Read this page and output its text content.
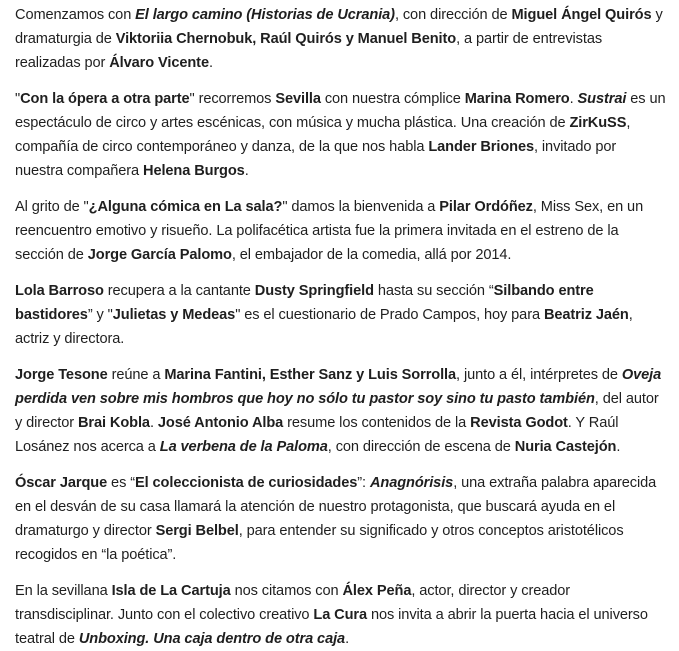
Comenzamos con El largo camino (Historias de Ucrania), con dirección de Miguel Ángel Quirós y dramaturgia de Viktoriia Chernobuk, Raúl Quirós y Manuel Benito, a partir de entrevistas realizadas por Álvaro Vicente.

"Con la ópera a otra parte" recorremos Sevilla con nuestra cómplice Marina Romero. Sustrai es un espectáculo de circo y artes escénicas, con música y mucha plástica. Una creación de ZirKuSS, compañía de circo contemporáneo y danza, de la que nos habla Lander Briones, invitado por nuestra compañera Helena Burgos.

Al grito de "¿Alguna cómica en La sala?" damos la bienvenida a Pilar Ordóñez, Miss Sex, en un reencuentro emotivo y risueño. La polifacética artista fue la primera invitada en el estreno de la sección de Jorge García Palomo, el embajador de la comedia, allá por 2014.

Lola Barroso recupera a la cantante Dusty Springfield hasta su sección “Silbando entre bastidores” y "Julietas y Medeas" es el cuestionario de Prado Campos, hoy para Beatriz Jaén, actriz y directora.

Jorge Tesone reúne a Marina Fantini, Esther Sanz y Luis Sorrolla, junto a él, intérpretes de Oveja perdida ven sobre mis hombros que hoy no sólo tu pastor soy sino tu pasto también, del autor y director Brai Kobla. José Antonio Alba resume los contenidos de la Revista Godot. Y Raúl Losánez nos acerca a La verbena de la Paloma, con dirección de escena de Nuria Castejón.

Óscar Jarque es “El coleccionista de curiosidades”: Anagnórisis, una extraña palabra aparecida en el desván de su casa llamará la atención de nuestro protagonista, que buscará ayuda en el dramaturgo y director Sergi Belbel, para entender su significado y otros conceptos aristotélicos recogidos en “la poética”.

En la sevillana Isla de La Cartuja nos citamos con Álex Peña, actor, director y creador transdisciplinar. Junto con el colectivo creativo La Cura nos invita a abrir la puerta hacia el universo teatral de Unboxing. Una caja dentro de otra caja.
